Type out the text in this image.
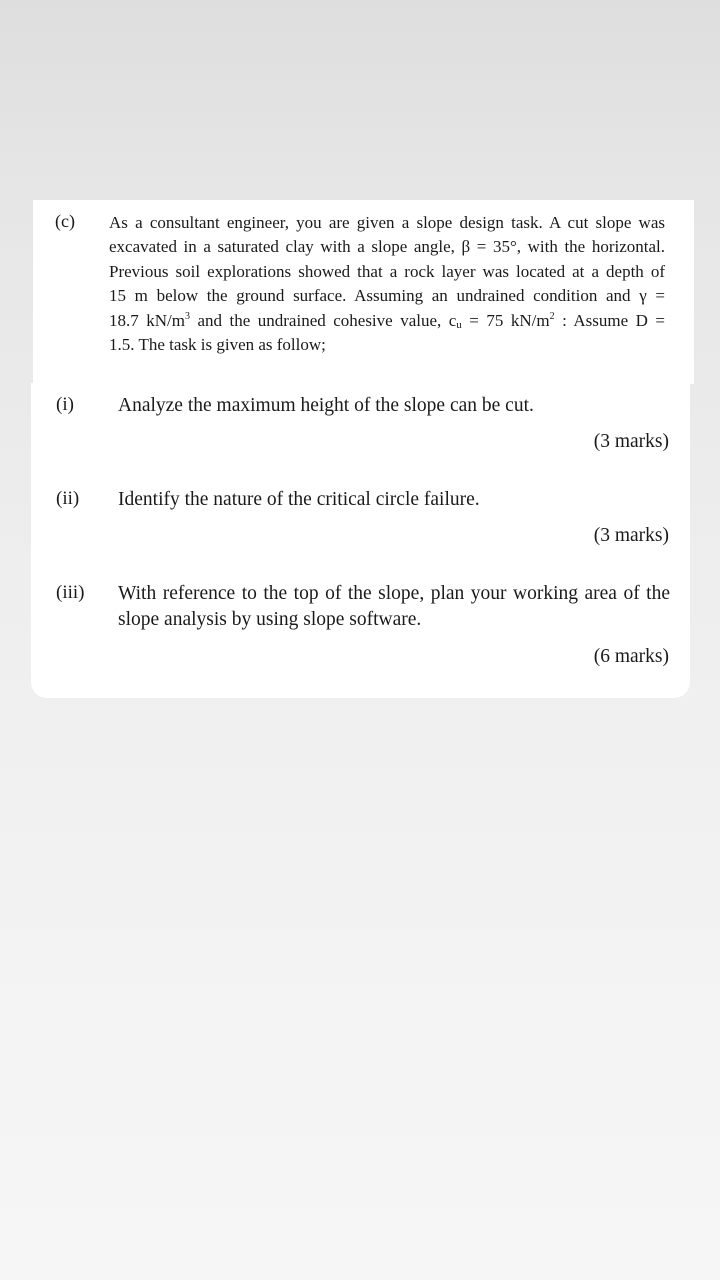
(c) As a consultant engineer, you are given a slope design task. A cut slope was
excavated in a saturated clay with a slope angle, β = 35°, with the horizontal.
Previous soil explorations showed that a rock layer was located at a depth of
15 m below the ground surface. Assuming an undrained condition and γ =
18.7 $kN/m^3$ and the undrained cohesive value, $c_u = 75$ $kN/m^2$ : Assume D =
1.5. The task is given as follow;
(i) Analyze the maximum height of the slope can be cut.
(3 marks)
(ii) Identify the nature of the critical circle failure.
(3 marks)
(iii) With reference to the top of the slope, plan your working area of the
slope analysis by using slope software.
(6 marks)
